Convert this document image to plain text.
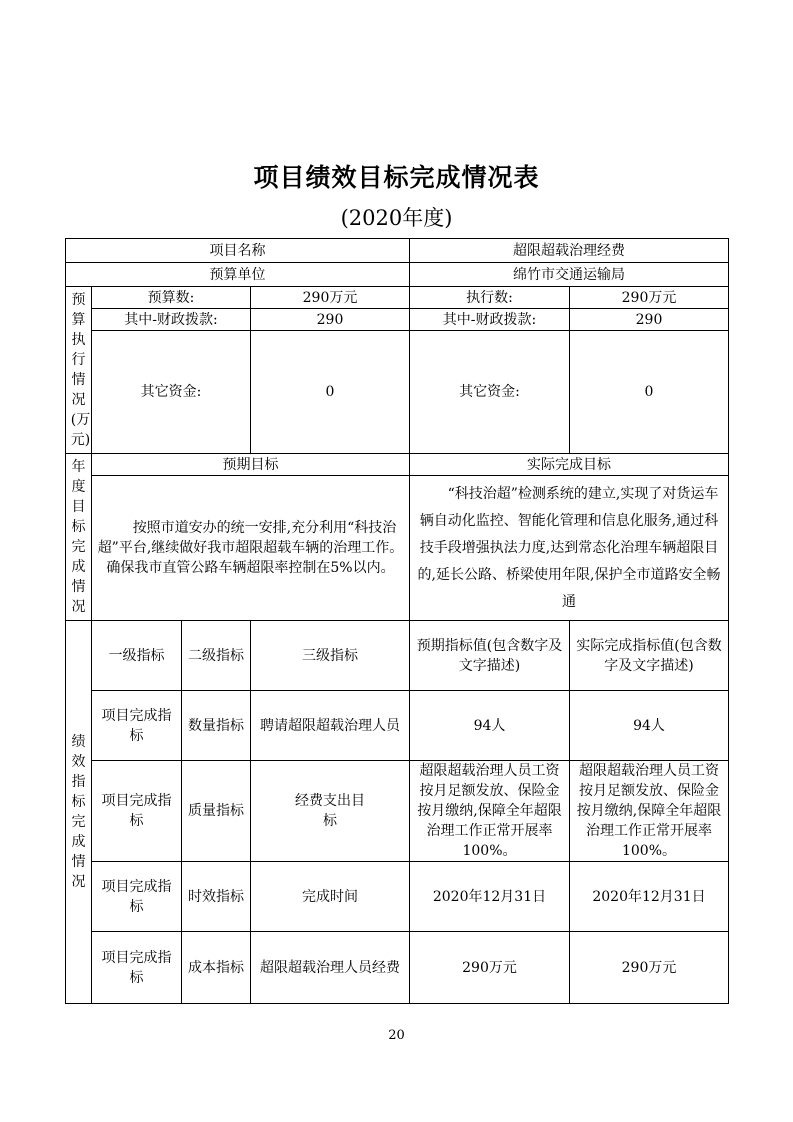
项目绩效目标完成情况表
(2020年度)
项目名称				超限超载治理经费	
预算单位				绵竹市交通运输局	

预算执行情况(万元)	预算数:		290万元	执行数:	290万元
	其中-财政拨款:		290	其中-财政拨款:	290
	其它资金:		0	其它资金:	0

年度目标完成情况	预期目标			实际完成目标	
	按照市道安办的统一安排,充分利用“科技治超”平台,继续做好我市超限超载车辆的治理工作。确保我市直管公路车辆超限率控制在5%以内。			“科技治超”检测系统的建立,实现了对货运车辆自动化监控、智能化管理和信息化服务,通过科技手段增强执法力度,达到常态化治理车辆超限目的,延长公路、桥梁使用年限,保护全市道路安全畅通	

绩效指标完成情况	一级指标	二级指标	三级指标	预期指标值(包含数字及文字描述)	实际完成指标值(包含数字及文字描述)
	项目完成指标	数量指标	聘请超限超载治理人员	94人	94人
	项目完成指标	质量指标	经费支出目标	超限超载治理人员工资按月足额发放、保险金按月缴纳,保障全年超限治理工作正常开展率100%。	超限超载治理人员工资按月足额发放、保险金按月缴纳,保障全年超限治理工作正常开展率100%。
	项目完成指标	时效指标	完成时间	2020年12月31日	2020年12月31日
	项目完成指标	成本指标	超限超载治理人员经费	290万元	290万元
20
